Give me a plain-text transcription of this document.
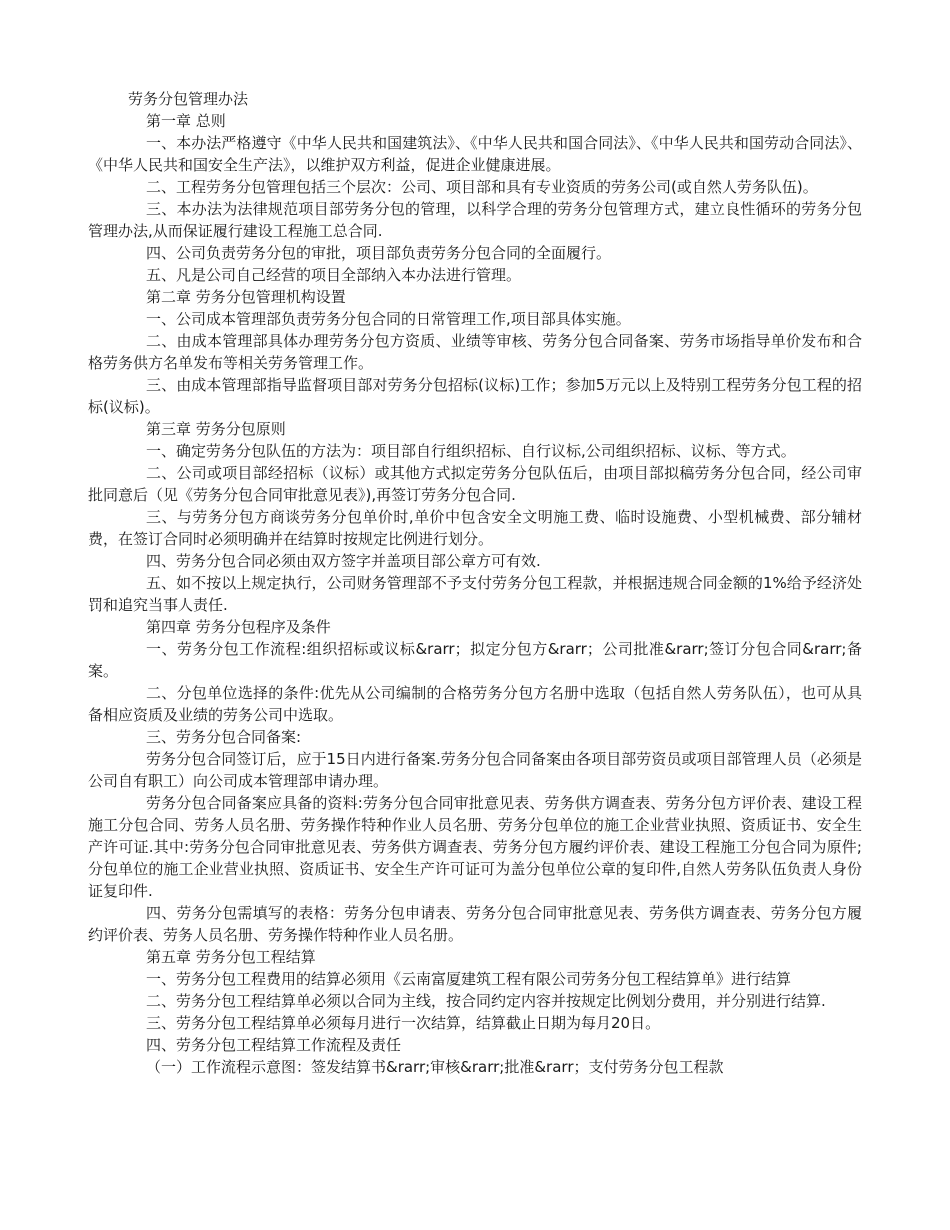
劳务分包管理办法
第一章 总则
一、本办法严格遵守《中华人民共和国建筑法》、《中华人民共和国合同法》、《中华人民共和国劳动合同法》、《中华人民共和国安全生产法》，以维护双方利益，促进企业健康进展。
二、工程劳务分包管理包括三个层次：公司、项目部和具有专业资质的劳务公司(或自然人劳务队伍)。
三、本办法为法律规范项目部劳务分包的管理，以科学合理的劳务分包管理方式，建立良性循环的劳务分包管理办法,从而保证履行建设工程施工总合同.
四、公司负责劳务分包的审批，项目部负责劳务分包合同的全面履行。
五、凡是公司自己经营的项目全部纳入本办法进行管理。
第二章 劳务分包管理机构设置
一、公司成本管理部负责劳务分包合同的日常管理工作,项目部具体实施。
二、由成本管理部具体办理劳务分包方资质、业绩等审核、劳务分包合同备案、劳务市场指导单价发布和合格劳务供方名单发布等相关劳务管理工作。
三、由成本管理部指导监督项目部对劳务分包招标(议标)工作；参加5万元以上及特别工程劳务分包工程的招标(议标)。
第三章 劳务分包原则
一、确定劳务分包队伍的方法为：项目部自行组织招标、自行议标,公司组织招标、议标、等方式。
二、公司或项目部经招标（议标）或其他方式拟定劳务分包队伍后，由项目部拟稿劳务分包合同，经公司审批同意后（见《劳务分包合同审批意见表》),再签订劳务分包合同.
三、与劳务分包方商谈劳务分包单价时,单价中包含安全文明施工费、临时设施费、小型机械费、部分辅材费，在签订合同时必须明确并在结算时按规定比例进行划分。
四、劳务分包合同必须由双方签字并盖项目部公章方可有效.
五、如不按以上规定执行，公司财务管理部不予支付劳务分包工程款，并根据违规合同金额的1%给予经济处罚和追究当事人责任.
第四章 劳务分包程序及条件
一、劳务分包工作流程:组织招标或议标&rarr；拟定分包方&rarr；公司批准&rarr;签订分包合同&rarr;备案。
二、分包单位选择的条件:优先从公司编制的合格劳务分包方名册中选取（包括自然人劳务队伍），也可从具备相应资质及业绩的劳务公司中选取。
三、劳务分包合同备案:
劳务分包合同签订后，应于15日内进行备案.劳务分包合同备案由各项目部劳资员或项目部管理人员（必须是公司自有职工）向公司成本管理部申请办理。
劳务分包合同备案应具备的资料:劳务分包合同审批意见表、劳务供方调查表、劳务分包方评价表、建设工程施工分包合同、劳务人员名册、劳务操作特种作业人员名册、劳务分包单位的施工企业营业执照、资质证书、安全生产许可证.其中:劳务分包合同审批意见表、劳务供方调查表、劳务分包方履约评价表、建设工程施工分包合同为原件;分包单位的施工企业营业执照、资质证书、安全生产许可证可为盖分包单位公章的复印件,自然人劳务队伍负责人身份证复印件.
四、劳务分包需填写的表格：劳务分包申请表、劳务分包合同审批意见表、劳务供方调查表、劳务分包方履约评价表、劳务人员名册、劳务操作特种作业人员名册。
第五章 劳务分包工程结算
一、劳务分包工程费用的结算必须用《云南富厦建筑工程有限公司劳务分包工程结算单》进行结算
二、劳务分包工程结算单必须以合同为主线，按合同约定内容并按规定比例划分费用，并分别进行结算.
三、劳务分包工程结算单必须每月进行一次结算，结算截止日期为每月20日。
四、劳务分包工程结算工作流程及责任
（一）工作流程示意图：签发结算书&rarr;审核&rarr;批准&rarr；支付劳务分包工程款
